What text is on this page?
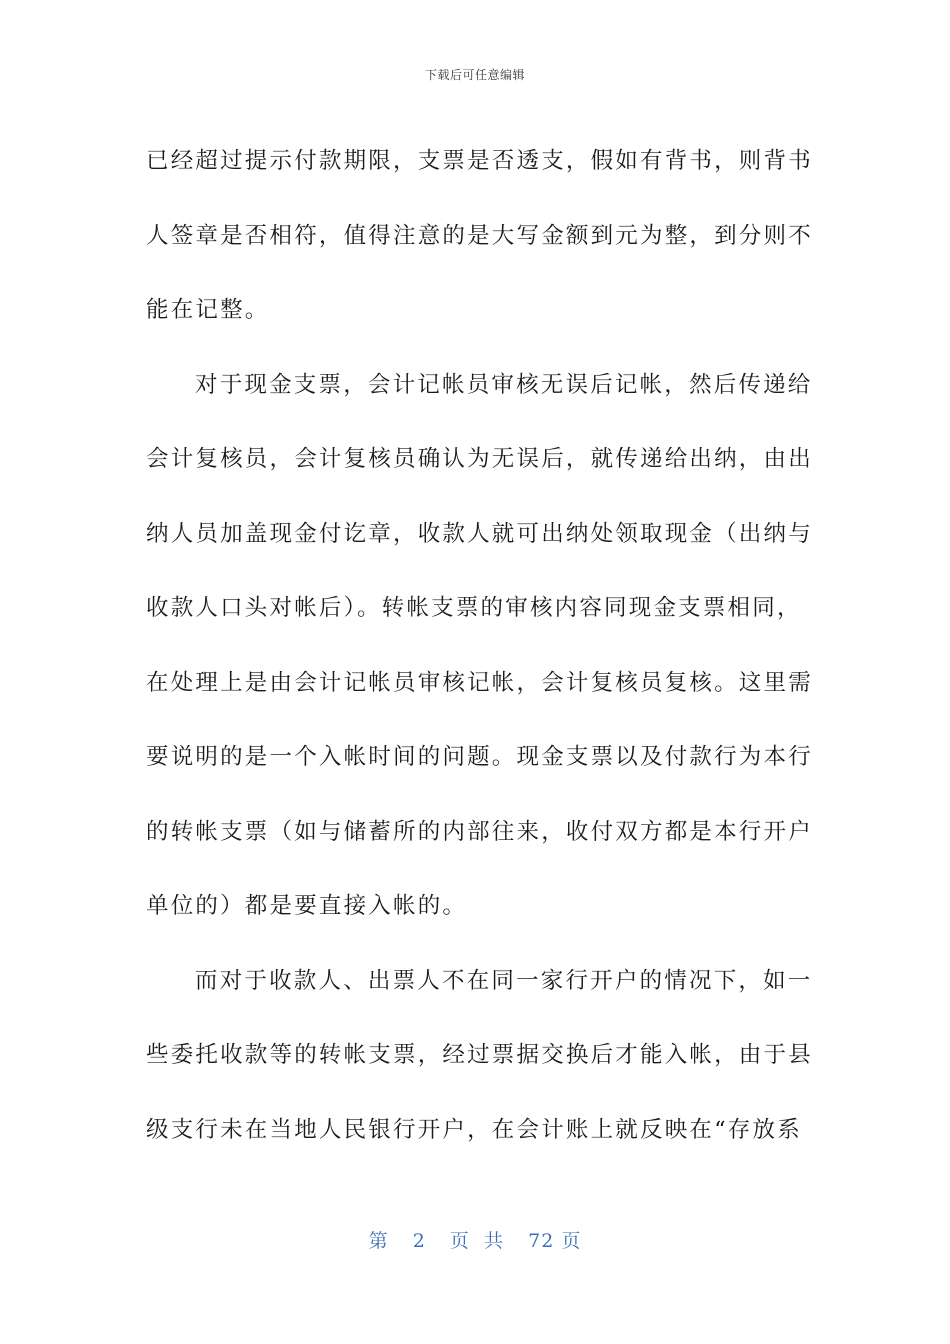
下载后可任意编辑
已经超过提示付款期限，支票是否透支，假如有背书，则背书
人签章是否相符，值得注意的是大写金额到元为整，到分则不
能在记整。
对于现金支票，会计记帐员审核无误后记帐，然后传递给
会计复核员，会计复核员确认为无误后，就传递给出纳，由出
纳人员加盖现金付讫章，收款人就可出纳处领取现金（出纳与
收款人口头对帐后）。转帐支票的审核内容同现金支票相同，
在处理上是由会计记帐员审核记帐，会计复核员复核。这里需
要说明的是一个入帐时间的问题。现金支票以及付款行为本行
的转帐支票（如与储蓄所的内部往来，收付双方都是本行开户
单位的）都是要直接入帐的。
而对于收款人、出票人不在同一家行开户的情况下，如一
些委托收款等的转帐支票，经过票据交换后才能入帐，由于县
级支行未在当地人民银行开户，在会计账上就反映在“存放系
第 2 页  共 72 页
